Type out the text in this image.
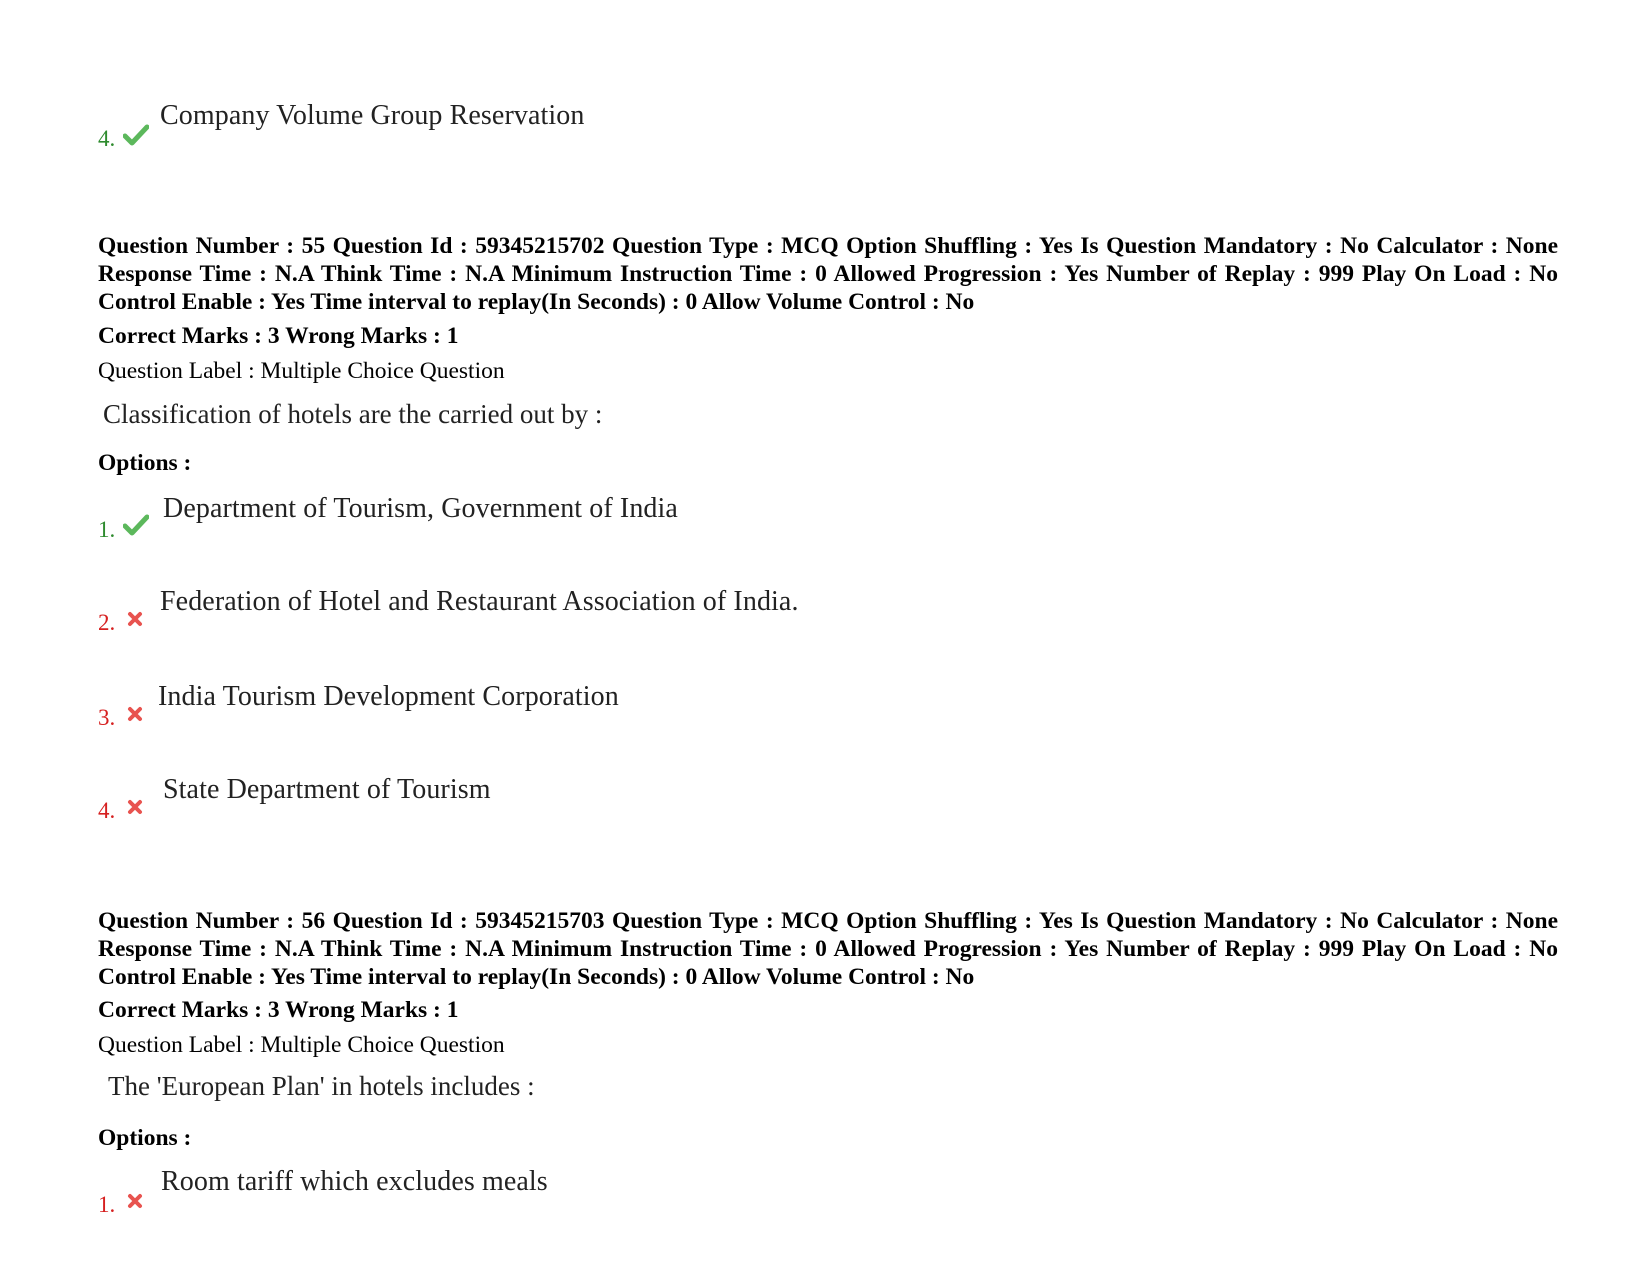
4.
Company Volume Group Reservation
Question Number : 55 Question Id : 59345215702 Question Type : MCQ Option Shuffling : Yes Is Question Mandatory : No Calculator : None Response Time : N.A Think Time : N.A Minimum Instruction Time : 0 Allowed Progression : Yes Number of Replay : 999 Play On Load : No Control Enable : Yes Time interval to replay(In Seconds) : 0 Allow Volume Control : No
Correct Marks : 3 Wrong Marks : 1
Question Label : Multiple Choice Question
Classification of hotels are the carried out by :
Options :
1.
Department of Tourism, Government of India
2.
Federation of Hotel and Restaurant Association of India.
3.
India Tourism Development Corporation
4.
State Department of Tourism
Question Number : 56 Question Id : 59345215703 Question Type : MCQ Option Shuffling : Yes Is Question Mandatory : No Calculator : None Response Time : N.A Think Time : N.A Minimum Instruction Time : 0 Allowed Progression : Yes Number of Replay : 999 Play On Load : No Control Enable : Yes Time interval to replay(In Seconds) : 0 Allow Volume Control : No
Correct Marks : 3 Wrong Marks : 1
Question Label : Multiple Choice Question
The 'European Plan' in hotels includes :
Options :
1.
Room tariff which excludes meals
